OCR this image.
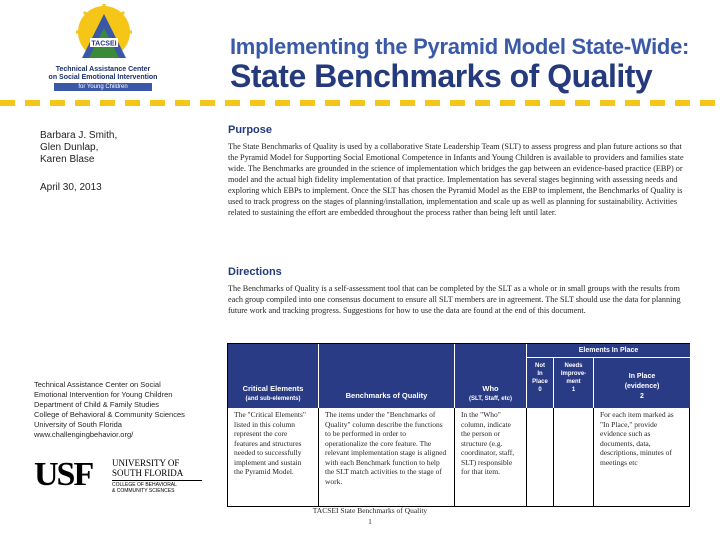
TACSEI
Technical Assistance Center
on Social Emotional Intervention
for Young Children
Implementing the Pyramid Model State-Wide:
State Benchmarks of Quality
Barbara J. Smith,
Glen Dunlap,
Karen Blase
April 30, 2013
Technical Assistance Center on Social
Emotional Intervention for Young Children
Department of Child & Family Studies
College of Behavioral & Community Sciences
University of South Florida
www.challengingbehavior.org/
USF UNIVERSITY OF
SOUTH FLORIDA
COLLEGE OF BEHAVIORAL
& COMMUNITY SCIENCES
Purpose
The State Benchmarks of Quality is used by a collaborative State Leadership Team (SLT) to assess progress and plan future actions so that the Pyramid Model for Supporting Social Emotional Competence in Infants and Young Children is available to providers and families state wide. The Benchmarks are grounded in the science of implementation which bridges the gap between an evidence-based practice (EBP) or model and the actual high fidelity implementation of that practice. Implementation has several stages beginning with assessing needs and exploring which EBPs to implement. Once the SLT has chosen the Pyramid Model as the EBP to implement, the Benchmarks of Quality is used to track progress on the stages of planning/installation, implementation and scale up as well as planning for sustainability. Activities related to sustaining the effort are embedded throughout the process rather than being left until later.
Directions
The Benchmarks of Quality is a self-assessment tool that can be completed by the SLT as a whole or in small groups with the results from each group compiled into one consensus document to ensure all SLT members are in agreement. The SLT should use the data for planning future work and tracking progress. Suggestions for how to use the data are found at the end of this document.
Critical Elements
(and sub-elements)	Benchmarks of Quality
Who
(SLT, Staff, etc)
Elements In Place
Not
In
Place
0
Needs
Improve-
ment
1
In Place
(evidence)
2
The "Critical Elements" listed in this column represent the core features and structures needed to successfully implement and sustain the Pyramid Model.
The items under the "Benchmarks of Quality" column describe the functions to be performed in order to operationalize the core feature. The relevant implementation stage is aligned with each Benchmark function to help the SLT match activities to the stage of work.
In the "Who" column, indicate the person or structure (e.g. coordinator, staff, SLT) responsible for that item.
For each item marked as "In Place," provide evidence such as documents, data, descriptions, minutes of meetings etc
TACSEI State Benchmarks of Quality
1
